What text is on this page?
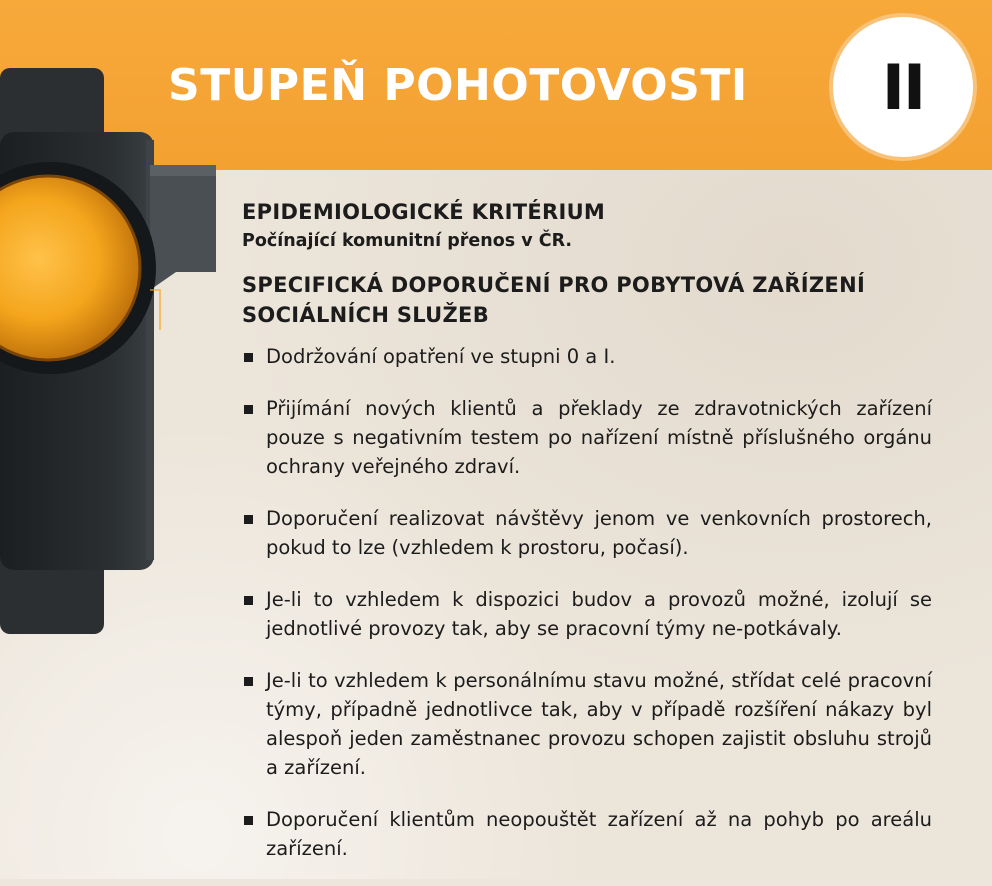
STUPEŇ POHOTOVOSTI II
EPIDEMIOLOGICKÉ KRITÉRIUM

Počínající komunitní přenos v ČR.

SPECIFICKÁ DOPORUČENÍ PRO POBYTOVÁ ZAŘÍZENÍ SOCIÁLNÍCH SLUŽEB
Dodržování opatření ve stupni 0 a I.
Přijímání nových klientů a překlady ze zdravotnických zařízení pouze s negativním testem po nařízení místně příslušného orgánu ochrany veřejného zdraví.
Doporučení realizovat návštěvy jenom ve venkovních prostorech, pokud to lze (vzhledem k prostoru, počasí).
Je-li to vzhledem k dispozici budov a provozů možné, izolují se jednotlivé provozy tak, aby se pracovní týmy ne-potkávaly.
Je-li to vzhledem k personálnímu stavu možné, střídat celé pracovní týmy, případně jednotlivce tak, aby v případě rozšíření nákazy byl alespoň jeden zaměstnanec provozu schopen zajistit obsluhu strojů a zařízení.
Doporučení klientům neopouštět zařízení až na pohyb po areálu zařízení.
